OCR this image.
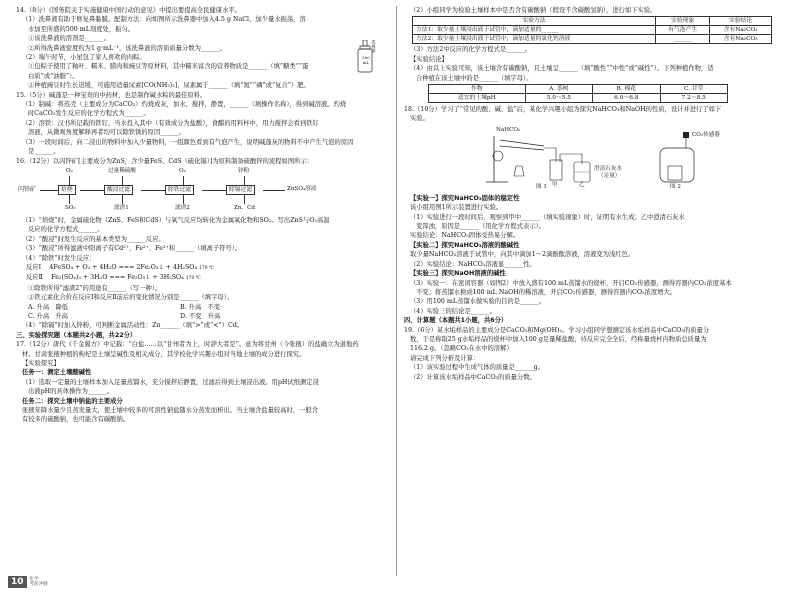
14.（8分）《国务院关于实施健康中国行动的意见》中提出要提高全民健康水平。

（1）洗鼻液有助于修复鼻黏膜。配制方法：向如图所示洗鼻器中加入4.5 g NaCl，加少量水振荡，溶

水加至所盛的500 mL刻度处，振匀。

①该洗鼻液的溶剂是______。

②所得洗鼻液密度约为1 g·mL⁻¹，该洗鼻液的溶质质量分数为______。

（2）端午时节，小星包了家人喜欢的肉粽。

①包粽子使用了籼叶、糯米、腊肉和豌豆等原材料，其中糯米富含的营养物质是______（填“糖类”“蛋

白质”或“油脂”）。

②种植豌豆时生长迟缓，可施用适量尿素[CO(NH₂)₂]，尿素属于______（填“氮”“磷”或“复合”）肥。

15.（5分）碱蓬是一种宝贵的中药材，也是制作碱水粽的最佳原料。

（1）制碱：将蒸壳（主要成分为CaCO₃）灼烧成灰，加水，搅拌，静置，______（填操作名称），得到碱溶液。灼烧

时CaCO₃发生反应的化学方程式为______。

（2）溶铁：汉书所记载的铁钉，当水投入其中（有效成分为盐酸），食醋的用料杯中，用力搅拌会看到铁钉

溶液，从微观角度解释再者均可以除铁锈的原因______。

（3）一段时间后，向二浸出的物料中加入少量物料，一组颜色看到有气泡产生，说明碱蓬灰的物料不中产生气泡的原因

是______。

16.（12分）以闪锌矿[主要成分为ZnS，含少量FeS、CdS（硫化镉）]为原料制备硫酸锌的流程如图所示：

闪锌矿	焙烧	酸浸过滤	除铁过滤	除镉过滤	ZnSO₄溶液
O₂	过量稀硫酸	O₂	锌粉
SO₂	滤渣1	滤渣2	Zn、Cd

（1）“焙烧”时，金属硫化物（ZnS、FeS和CdS）与氧气反应均转化为金属氧化物和SO₂。写出ZnS与O₂高温

反应的化学方程式______。

（2）“酸浸”时发生反应的基本类型为______反应。

（3）“酸浸”所得滤液中阳离子有Cd²⁺、Fe²⁺、Fe³⁺和______（填离子符号）。

（4）“除铁”时发生反应：

反应Ⅰ　 4FeSO₄ + O₂ + 4H₂O === 2Fe₂O₃↓ + 4H₂SO₄ 170 ℃

反应Ⅱ　 Fe₂(SO₄)₃ + 3H₂O === Fe₂O₃↓ + 3H₂SO₄ 170 ℃

①除铁所得“滤渣2”的用途有______（写一种）。

②铁元素化合价在反应Ⅰ和反应Ⅱ前后的变化情况分别是______（填字母）。

A. 升高　降低	B. 升高　不变

C. 升高　升高	D. 不变　升高

（4）“除镉”时加入锌粉，可判断金属活动性：Zn______（填“>”或“<”）Cd。

三、实验探究题（本题共2小题，共22分）

17.（12分）唐代《千金翼方》中记载：“白盐……以“甘州者为上，时辞大者是”。意为将甘州（今张掖）的盐确立为道地药

材。甘肃张掖种植的枸杞是土壤呈碱性及相关成分，其学校化学兴趣小组对当地土壤的成分进行探究。

【实验探究】

任务一：测定土壤酸碱性

（1）选取一定量的土壤样本加入足量蒸馏水，充分搅拌后静置，过滤后得到土壤浸出液。用pH试纸测定浸

出液pH的具体操作为______。

任务二：探究土壤中钠盐的主要成分

张掖年降水量少且蒸发量大，使土壤中较多的可溶性钠盐随水分蒸发而析出。当土壤含盐量较高时，一般含

有较多的硫酸钠，也可能含有碳酸钠。

500 mL
洗鼻器

（2）小组同学为检验土壤样本中是否含有碳酸钠（假设不含碳酸氢钠），进行如下实验。

实验方法	实验现象	实验结论
方法1：取少量土壤浸出液于试管中，滴加适量的______	有气泡产生	含有Na₂CO₃
方法2：取少量土壤浸出液于试管中，滴加适量的氯化钙溶液	______	含有Na₂CO₃

（3）方法2中反应的化学方程式是______。

【实验结论】

（4）由以上实验可知，该土壤含有碳酸钠，且土壤呈______（填“酸性”“中性”或“碱性”）。下列种植作物，适

合种植在该土壤中的是______（填字母）。

作物	A. 茶树	B. 棉花	C. 甘草
适宜的土壤pH	5.0～5.5	6.0～6.8	7.2～8.5

18.（10分）学习了“常见的酸、碱、盐”后，某化学兴趣小组为探究NaHCO₃和NaOH的性质，设计并进行了如下

实验。

NaHCO₃
甲	乙
澄清石灰水
（足量）
CO₂传感器
图 1	图 2

【实验一】探究NaHCO₃固体的稳定性

该小组用图1所示装置进行实验。

（1）实验进行一段时间后，观察到甲中______（填实验现象）时，证明有水生成；乙中澄清石灰水

变浑浊，原因是______（用化学方程式表示）。

实验结论：NaHCO₃固体受热易分解。

【实验二】探究NaHCO₃溶液的酸碱性

取少量NaHCO₃溶液于试管中，向其中滴加1～2滴酚酞溶液，溶液变为浅红色。

（2）实验结论：NaHCO₃溶液显______性。

【实验三】探究NaOH溶液的碱性

（3）实验一：在密闭容器（如图2）中放入盛有100 mL蒸馏水的烧杯，开启CO₂传感器，测得容器内CO₂浓度基本

不变；将蒸馏水换成100 mL NaOH的稀溶液，开启CO₂传感器，测得容器内CO₂浓度增大。

（3）用100 mL蒸馏水做实验的目的是______。

（4）实验三的结论是______。

四、计算题（本题共1小题，共6分）

19.（6分）某水垢样品的主要成分是CaCO₃和Mg(OH)₂。学习小组同学想测定该水垢样品中CaCO₃的质量分

数，于是称取25 g水垢样品的烧杯中加入100 g足量稀盐酸，待反应完全全后，经称量烧杯内物质总质量为

116.2 g。（忽略CO₂在水中的溶解）

请完成下列分析及计算：

（1）该实验过程中生成气体的质量是______g。

（2）计算该水垢样品中CaCO₃的质量分数。

10	化学
考前冲刺
